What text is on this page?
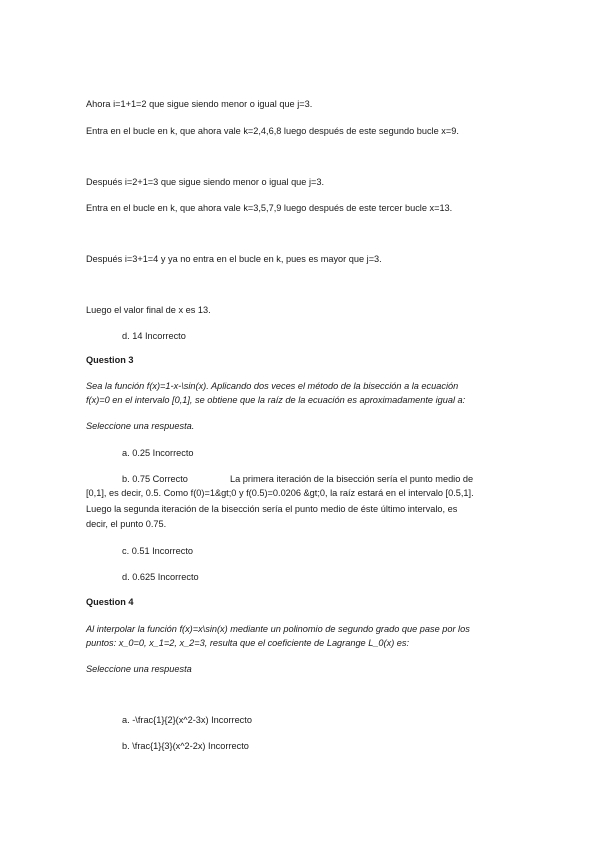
Ahora i=1+1=2 que sigue siendo menor o igual que j=3.
Entra en el bucle en k, que ahora vale k=2,4,6,8 luego después de este segundo bucle x=9.
Después i=2+1=3 que sigue siendo menor o igual que j=3.
Entra en el bucle en k, que ahora vale k=3,5,7,9 luego después de este tercer bucle x=13.
Después i=3+1=4 y ya no entra en el bucle en k, pues es mayor que j=3.
Luego el valor final de x es 13.
d. 14 Incorrecto
Question 3
Sea la función f(x)=1-x-\sin(x). Aplicando dos veces el método de la bisección a la ecuación
f(x)=0 en el intervalo [0,1], se obtiene que la raíz de la ecuación es aproximadamente igual a:
Seleccione una respuesta.
a. 0.25 Incorrecto
b. 0.75 Correcto	La primera iteración de la bisección sería el punto medio de
[0,1], es decir, 0.5. Como f(0)=1&gt;0 y f(0.5)=0.0206 &gt;0, la raíz estará en el intervalo [0.5,1].
Luego la segunda iteración de la bisección sería el punto medio de éste último intervalo, es
decir, el punto 0.75.
c. 0.51 Incorrecto
d. 0.625 Incorrecto
Question 4
Al interpolar la función f(x)=x\sin(x) mediante un polinomio de segundo grado que pase por los
puntos: x_0=0, x_1=2, x_2=3, resulta que el coeficiente de Lagrange L_0(x) es:
Seleccione una respuesta
a. -\frac{1}{2}(x^2-3x) Incorrecto
b. \frac{1}{3}(x^2-2x) Incorrecto
